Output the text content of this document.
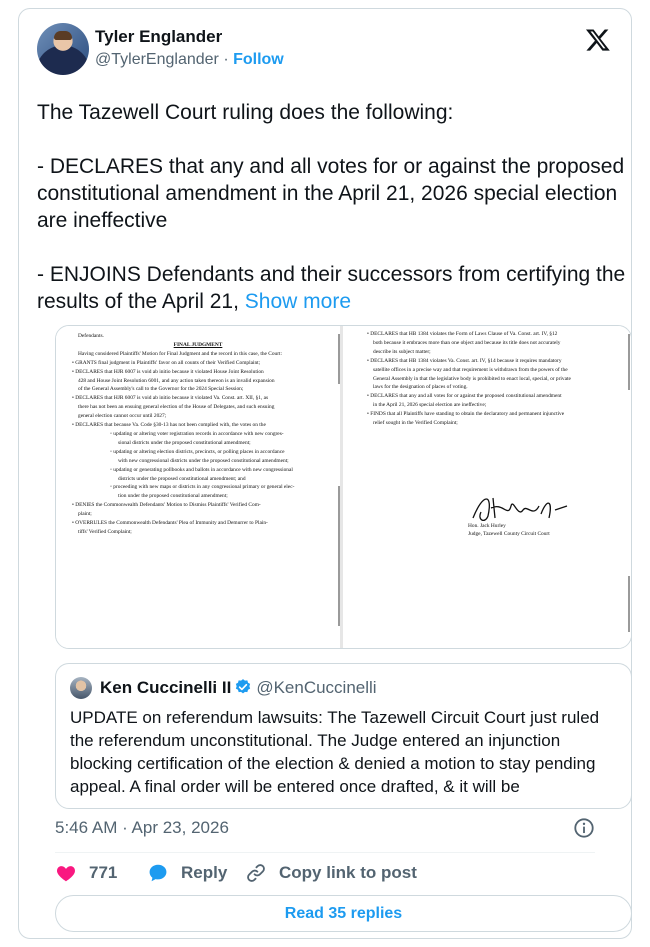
Tyler Englander
@TylerEnglander · Follow

The Tazewell Court ruling does the following:

- DECLARES that any and all votes for or against the proposed constitutional amendment in the April 21, 2026 special election are ineffective

- ENJOINS Defendants and their successors from certifying the results of the April 21, Show more

Defendants.
FINAL JUDGMENT
Having considered Plaintiffs' Motion for Final Judgment and the record in this case, the Court:
• GRANTS final judgment in Plaintiffs' favor on all counts of their Verified Complaint;
• DECLARES that HJR 6007 is void ab initio because it violated House Joint Resolution
428 and House Joint Resolution 6001, and any action taken thereon is an invalid expansion
of the General Assembly's call to the Governor for the 2024 Special Session;
• DECLARES that HJR 6007 is void ab initio because it violated Va. Const. art. XII, §1, as
there has not been an ensuing general election of the House of Delegates, and such ensuing
general election cannot occur until 2027;
• DECLARES that because Va. Code §30-13 has not been complied with, the votes on the
◦ updating or altering voter registration records in accordance with new congres-
sional districts under the proposed constitutional amendment;
◦ updating or altering election districts, precincts, or polling places in accordance
with new congressional districts under the proposed constitutional amendment;
◦ updating or generating pollbooks and ballots in accordance with new congressional
districts under the proposed constitutional amendment; and
◦ proceeding with new maps or districts in any congressional primary or general elec-
tion under the proposed constitutional amendment;
• DENIES the Commonwealth Defendants' Motion to Dismiss Plaintiffs' Verified Com-
plaint;
• OVERRULES the Commonwealth Defendants' Plea of Immunity and Demurrer to Plain-
tiffs' Verified Complaint;
• DECLARES that HB 1384 violates the Form of Laws Clause of Va. Const. art. IV, §12
both because it embraces more than one object and because its title does not accurately
describe its subject matter;
• DECLARES that HB 1384 violates Va. Const. art. IV, §14 because it requires mandatory
satellite offices in a precise way and that requirement is withdrawn from the powers of the
General Assembly in that the legislative body is prohibited to enact local, special, or private
laws for the designation of places of voting.
• DECLARES that any and all votes for or against the proposed constitutional amendment
in the April 21, 2026 special election are ineffective;
• FINDS that all Plaintiffs have standing to obtain the declaratory and permanent injunctive
relief sought in the Verified Complaint;
Hon. Jack Hurley
Judge, Tazewell County Circuit Court
Ken Cuccinelli II @KenCuccinelli
UPDATE on referendum lawsuits: The Tazewell Circuit Court just ruled the referendum unconstitutional. The Judge entered an injunction blocking certification of the election & denied a motion to stay pending appeal. A final order will be entered once drafted, & it will be
5:46 AM · Apr 23, 2026
771	Reply	Copy link to post
Read 35 replies
